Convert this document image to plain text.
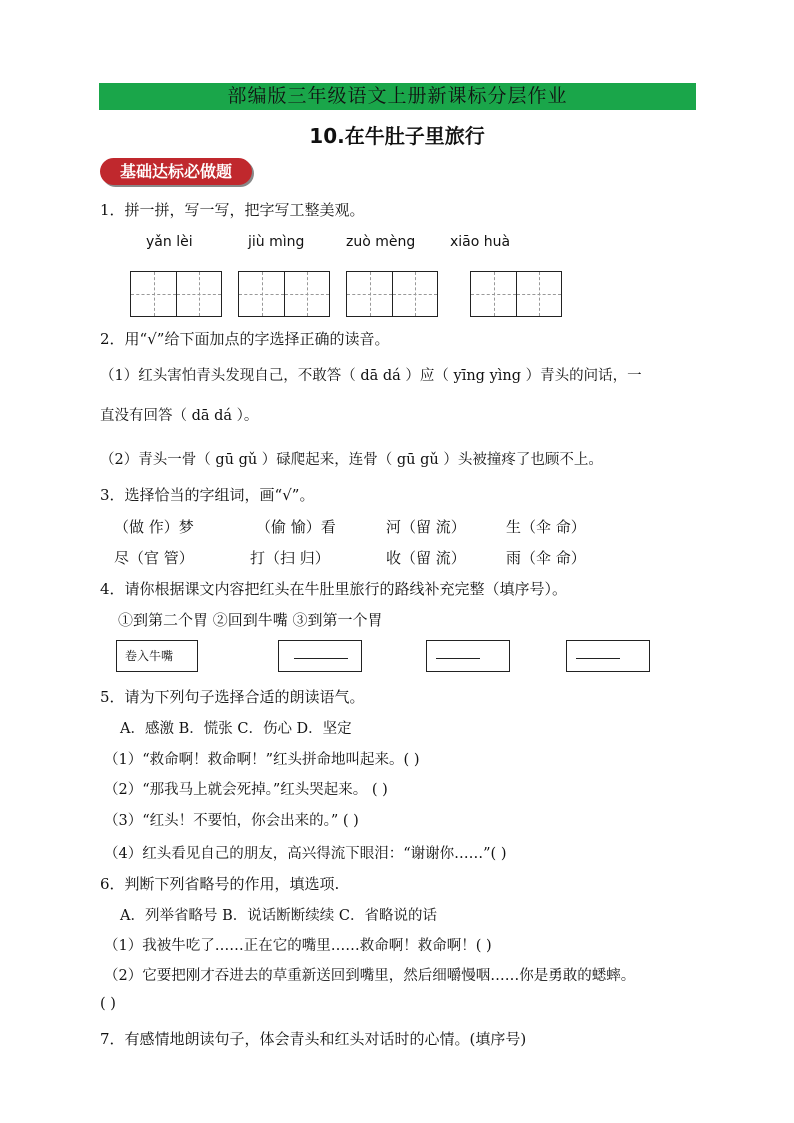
部编版三年级语文上册新课标分层作业
10.在牛肚子里旅行
基础达标必做题
1．拼一拼，写一写，把字写工整美观。
yǎn lèi	jiù mìng	zuò mèng xiāo huà
2．用“√”给下面加点的字选择正确的读音。
（1）红头害怕青头发现自己，不敢答（ dā dá ）应（ yīng yìng ）青头的问话，一
直没有回答（ dā dá ）。
（2）青头一骨（ gū gǔ ）碌爬起来，连骨（ gū gǔ ）头被撞疼了也顾不上。
3．选择恰当的字组词，画“√”。
（做 作）梦	（偷 愉）看	河（留 流）	生（伞 命）
尽（官 管）	打（扫 归）	收（留 流）	雨（伞 命）
4．请你根据课文内容把红头在牛肚里旅行的路线补充完整（填序号）。
①到第二个胃 ②回到牛嘴 ③到第一个胃
卷入牛嘴
5．请为下列句子选择合适的朗读语气。
A．感激 B．慌张 C．伤心 D．坚定
（1）“救命啊！救命啊！”红头拼命地叫起来。( )
（2）“那我马上就会死掉。”红头哭起来。 ( )
（3）“红头！不要怕，你会出来的。” ( )
（4）红头看见自己的朋友，高兴得流下眼泪：“谢谢你……”( )
6．判断下列省略号的作用，填选项.
A．列举省略号 B．说话断断续续 C．省略说的话
（1）我被牛吃了……正在它的嘴里……救命啊！救命啊！( )
（2）它要把刚才吞进去的草重新送回到嘴里，然后细嚼慢咽……你是勇敢的蟋蟀。
( )
7．有感情地朗读句子，体会青头和红头对话时的心情。(填序号)
